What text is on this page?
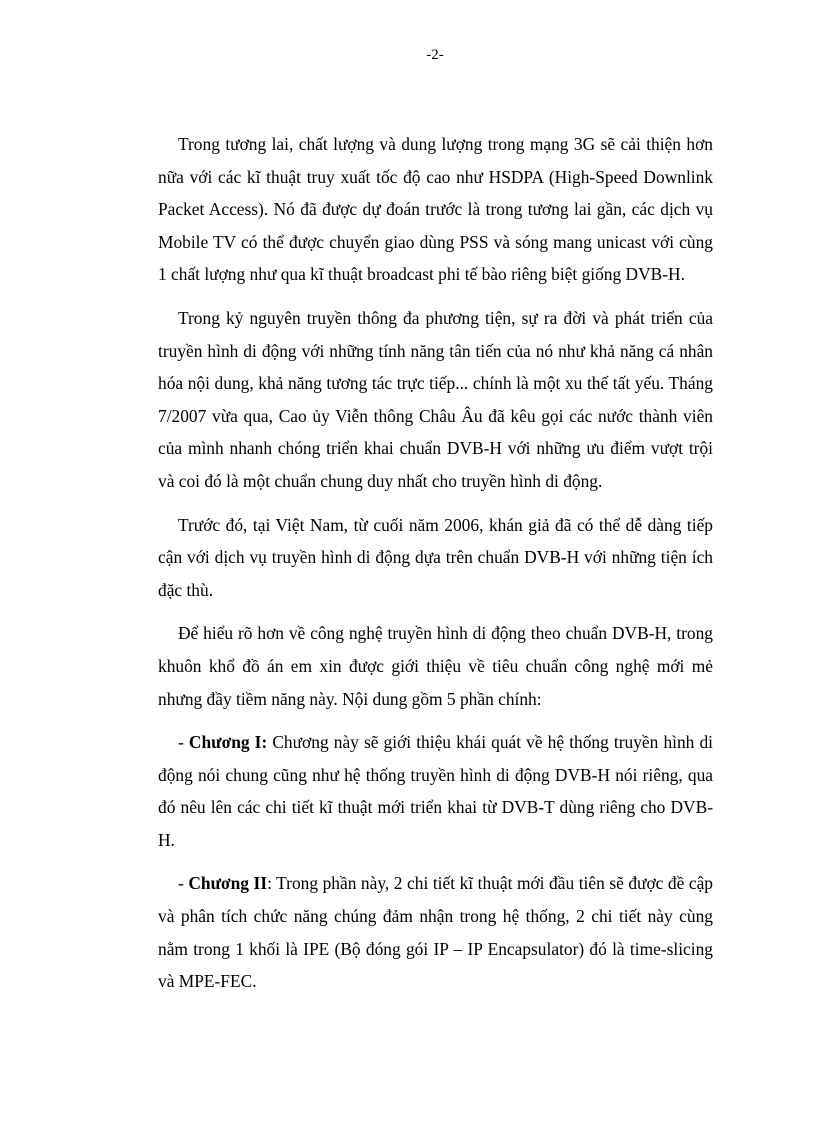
-2-

Trong tương lai, chất lượng và dung lượng trong mạng 3G sẽ cải thiện hơn nữa với các kĩ thuật truy xuất tốc độ cao như HSDPA (High-Speed Downlink Packet Access). Nó đã được dự đoán trước là trong tương lai gần, các dịch vụ Mobile TV có thể được chuyển giao dùng PSS và sóng mang unicast với cùng 1 chất lượng như qua kĩ thuật broadcast phi tế bào riêng biệt giống DVB-H.

Trong kỷ nguyên truyền thông đa phương tiện, sự ra đời và phát triển của truyền hình di động với những tính năng tân tiến của nó như khả năng cá nhân hóa nội dung, khả năng tương tác trực tiếp... chính là một xu thế tất yếu. Tháng 7/2007 vừa qua, Cao ủy Viễn thông Châu Âu đã kêu gọi các nước thành viên của mình nhanh chóng triển khai chuẩn DVB-H với những ưu điểm vượt trội và coi đó là một chuẩn chung duy nhất cho truyền hình di động.

Trước đó, tại Việt Nam, từ cuối năm 2006, khán giả đã có thể dễ dàng tiếp cận với dịch vụ truyền hình di động dựa trên chuẩn DVB-H với những tiện ích đặc thù.

Để hiểu rõ hơn về công nghệ truyền hình di động theo chuẩn DVB-H, trong khuôn khổ đồ án em xin được giới thiệu về tiêu chuẩn công nghệ mới mẻ nhưng đầy tiềm năng này. Nội dung gồm 5 phần chính:

- Chương I: Chương này sẽ giới thiệu khái quát về hệ thống truyền hình di động nói chung cũng như hệ thống truyền hình di động DVB-H nói riêng, qua đó nêu lên các chi tiết kĩ thuật mới triển khai từ DVB-T dùng riêng cho DVB-H.

- Chương II: Trong phần này, 2 chi tiết kĩ thuật mới đầu tiên sẽ được đề cập và phân tích chức năng chúng đảm nhận trong hệ thống, 2 chi tiết này cùng nằm trong 1 khối là IPE (Bộ đóng gói IP – IP Encapsulator) đó là time-slicing và MPE-FEC.
